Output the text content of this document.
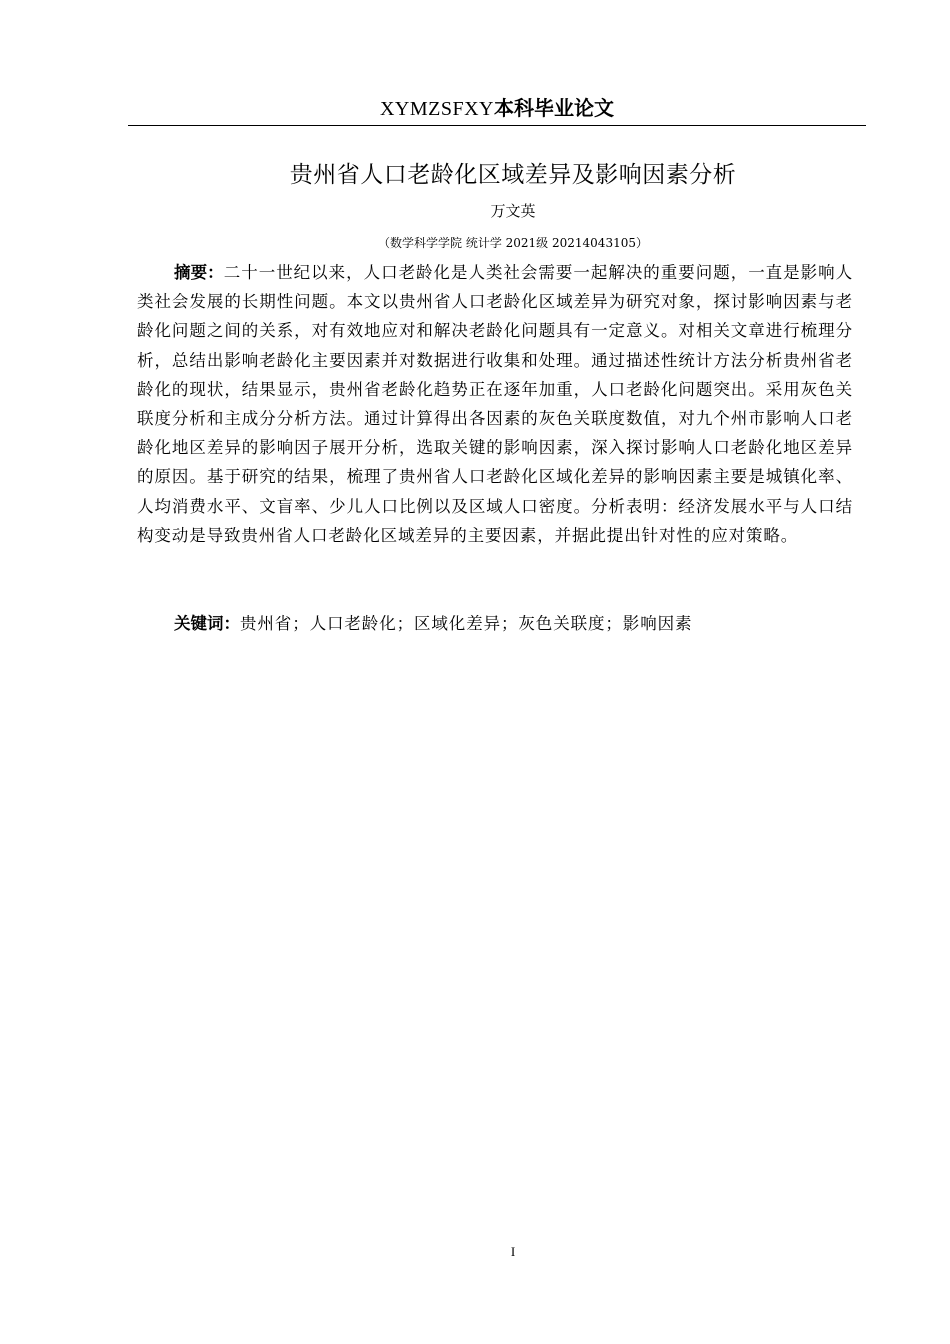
XYMZSFXY本科毕业论文
贵州省人口老龄化区域差异及影响因素分析
万文英
（数学科学学院 统计学 2021级 20214043105）
摘要：二十一世纪以来，人口老龄化是人类社会需要一起解决的重要问题，一直是影响人类社会发展的长期性问题。本文以贵州省人口老龄化区域差异为研究对象，探讨影响因素与老龄化问题之间的关系，对有效地应对和解决老龄化问题具有一定意义。对相关文章进行梳理分析，总结出影响老龄化主要因素并对数据进行收集和处理。通过描述性统计方法分析贵州省老龄化的现状，结果显示，贵州省老龄化趋势正在逐年加重，人口老龄化问题突出。采用灰色关联度分析和主成分分析方法。通过计算得出各因素的灰色关联度数值，对九个州市影响人口老龄化地区差异的影响因子展开分析，选取关键的影响因素，深入探讨影响人口老龄化地区差异的原因。基于研究的结果，梳理了贵州省人口老龄化区域化差异的影响因素主要是城镇化率、人均消费水平、文盲率、少儿人口比例以及区域人口密度。分析表明：经济发展水平与人口结构变动是导致贵州省人口老龄化区域差异的主要因素，并据此提出针对性的应对策略。
关键词：贵州省；人口老龄化；区域化差异；灰色关联度；影响因素
I
